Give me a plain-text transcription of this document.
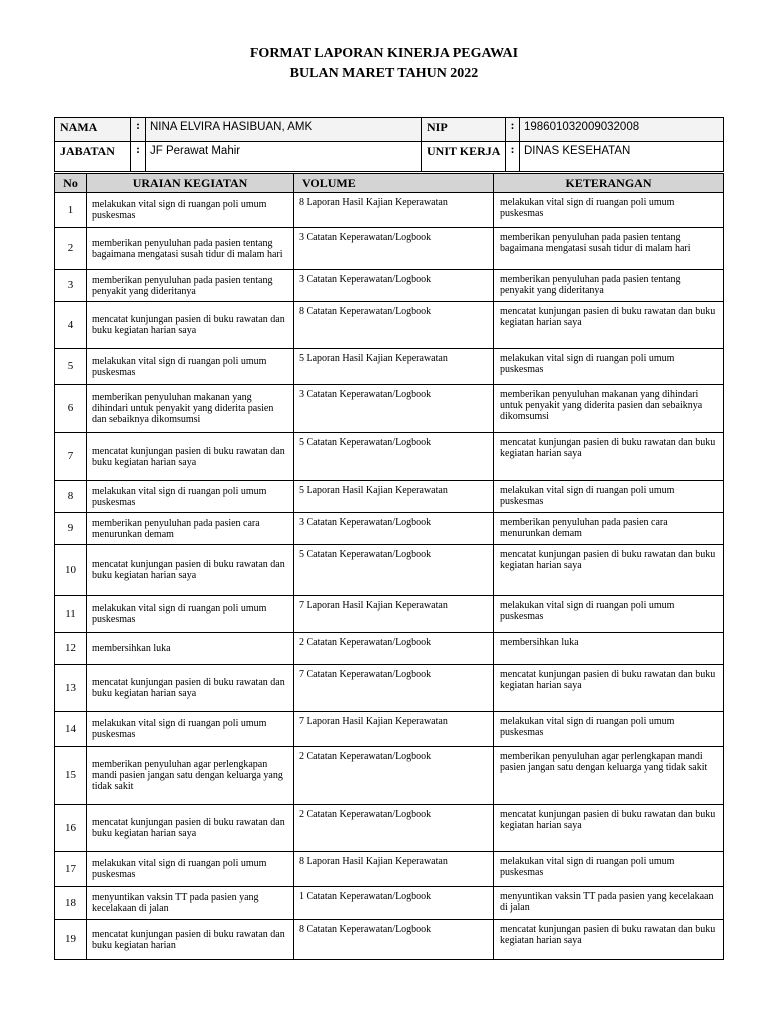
FORMAT LAPORAN KINERJA PEGAWAI
BULAN MARET TAHUN 2022
NAMA	:	NINA ELVIRA HASIBUAN, AMK	NIP	:	198601032009032008
JABATAN	:	JF Perawat Mahir	UNIT KERJA	:	DINAS KESEHATAN
No	URAIAN KEGIATAN	VOLUME	KETERANGAN
1	melakukan vital sign di ruangan poli umum puskesmas	8 Laporan Hasil Kajian Keperawatan	melakukan vital sign di ruangan poli umum puskesmas
2	memberikan penyuluhan pada pasien tentang bagaimana mengatasi susah tidur di malam hari	3 Catatan Keperawatan/Logbook	memberikan penyuluhan pada pasien tentang bagaimana mengatasi susah tidur di malam hari
3	memberikan penyuluhan pada pasien tentang penyakit yang dideritanya	3 Catatan Keperawatan/Logbook	memberikan penyuluhan pada pasien tentang penyakit yang dideritanya
4	mencatat kunjungan pasien di buku rawatan dan buku kegiatan harian saya	8 Catatan Keperawatan/Logbook	mencatat kunjungan pasien di buku rawatan dan buku kegiatan harian saya
5	melakukan vital sign di ruangan poli umum puskesmas	5 Laporan Hasil Kajian Keperawatan	melakukan vital sign di ruangan poli umum puskesmas
6	memberikan penyuluhan makanan yang dihindari untuk penyakit yang diderita pasien dan sebaiknya dikomsumsi	3 Catatan Keperawatan/Logbook	memberikan penyuluhan makanan yang dihindari untuk penyakit yang diderita pasien dan sebaiknya dikomsumsi
7	mencatat kunjungan pasien di buku rawatan dan buku kegiatan harian saya	5 Catatan Keperawatan/Logbook	mencatat kunjungan pasien di buku rawatan dan buku kegiatan harian saya
8	melakukan vital sign di ruangan poli umum puskesmas	5 Laporan Hasil Kajian Keperawatan	melakukan vital sign di ruangan poli umum puskesmas
9	memberikan penyuluhan pada pasien cara menurunkan demam	3 Catatan Keperawatan/Logbook	memberikan penyuluhan pada pasien cara menurunkan demam
10	mencatat kunjungan pasien di buku rawatan dan buku kegiatan harian saya	5 Catatan Keperawatan/Logbook	mencatat kunjungan pasien di buku rawatan dan buku kegiatan harian saya
11	melakukan vital sign di ruangan poli umum puskesmas	7 Laporan Hasil Kajian Keperawatan	melakukan vital sign di ruangan poli umum puskesmas
12	membersihkan luka	2 Catatan Keperawatan/Logbook	membersihkan luka
13	mencatat kunjungan pasien di buku rawatan dan buku kegiatan harian saya	7 Catatan Keperawatan/Logbook	mencatat kunjungan pasien di buku rawatan dan buku kegiatan harian saya
14	melakukan vital sign di ruangan poli umum puskesmas	7 Laporan Hasil Kajian Keperawatan	melakukan vital sign di ruangan poli umum puskesmas
15	memberikan penyuluhan agar perlengkapan mandi pasien jangan satu dengan keluarga yang tidak sakit	2 Catatan Keperawatan/Logbook	memberikan penyuluhan agar perlengkapan mandi pasien jangan satu dengan keluarga yang tidak sakit
16	mencatat kunjungan pasien di buku rawatan dan buku kegiatan harian saya	2 Catatan Keperawatan/Logbook	mencatat kunjungan pasien di buku rawatan dan buku kegiatan harian saya
17	melakukan vital sign di ruangan poli umum puskesmas	8 Laporan Hasil Kajian Keperawatan	melakukan vital sign di ruangan poli umum puskesmas
18	menyuntikan vaksin TT pada pasien yang kecelakaan di jalan	1 Catatan Keperawatan/Logbook	menyuntikan vaksin TT pada pasien yang kecelakaan di jalan
19	mencatat kunjungan pasien di buku rawatan dan buku kegiatan harian	8 Catatan Keperawatan/Logbook	mencatat kunjungan pasien di buku rawatan dan buku kegiatan harian saya
